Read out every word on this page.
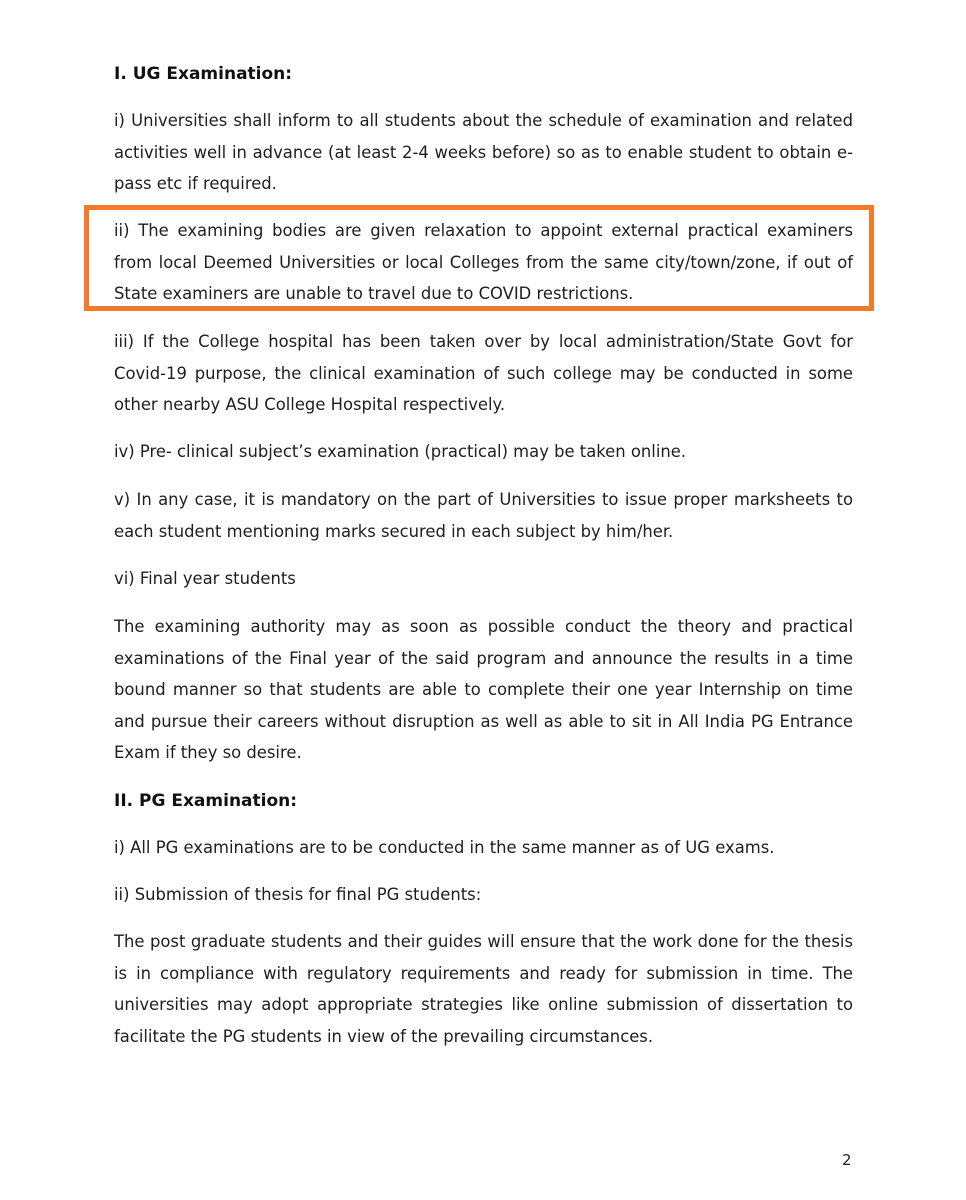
I. UG Examination:

i) Universities shall inform to all students about the schedule of examination and related activities well in advance (at least 2-4 weeks before) so as to enable student to obtain e-pass etc if required.

ii) The examining bodies are given relaxation to appoint external practical examiners from local Deemed Universities or local Colleges from the same city/town/zone, if out of State examiners are unable to travel due to COVID restrictions.

iii) If the College hospital has been taken over by local administration/State Govt for Covid-19 purpose, the clinical examination of such college may be conducted in some other nearby ASU College Hospital respectively.

iv) Pre- clinical subject’s examination (practical) may be taken online.

v) In any case, it is mandatory on the part of Universities to issue proper marksheets to each student mentioning marks secured in each subject by him/her.

vi) Final year students

The examining authority may as soon as possible conduct the theory and practical examinations of the Final year of the said program and announce the results in a time bound manner so that students are able to complete their one year Internship on time and pursue their careers without disruption as well as able to sit in All India PG Entrance Exam if they so desire.

II. PG Examination:

i) All PG examinations are to be conducted in the same manner as of UG exams.

ii) Submission of thesis for final PG students:

The post graduate students and their guides will ensure that the work done for the thesis is in compliance with regulatory requirements and ready for submission in time. The universities may adopt appropriate strategies like online submission of dissertation to facilitate the PG students in view of the prevailing circumstances.

2
